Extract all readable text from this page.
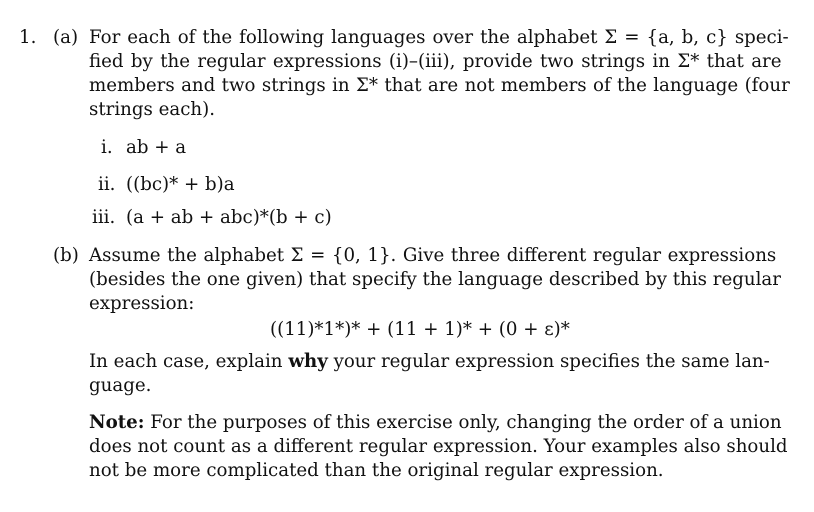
1. (a) For each of the following languages over the alphabet Σ = {a, b, c} speci-
fied by the regular expressions (i)–(iii), provide two strings in Σ* that are
members and two strings in Σ* that are not members of the language (four
strings each).
i. ab + a
ii. ((bc)* + b)a
iii. (a + ab + abc)*(b + c)
(b) Assume the alphabet Σ = {0, 1}. Give three different regular expressions
(besides the one given) that specify the language described by this regular
expression:
((11)*1*)* + (11 + 1)* + (0 + ε)*
In each case, explain why your regular expression specifies the same lan-
guage.
Note: For the purposes of this exercise only, changing the order of a union
does not count as a different regular expression. Your examples also should
not be more complicated than the original regular expression.
